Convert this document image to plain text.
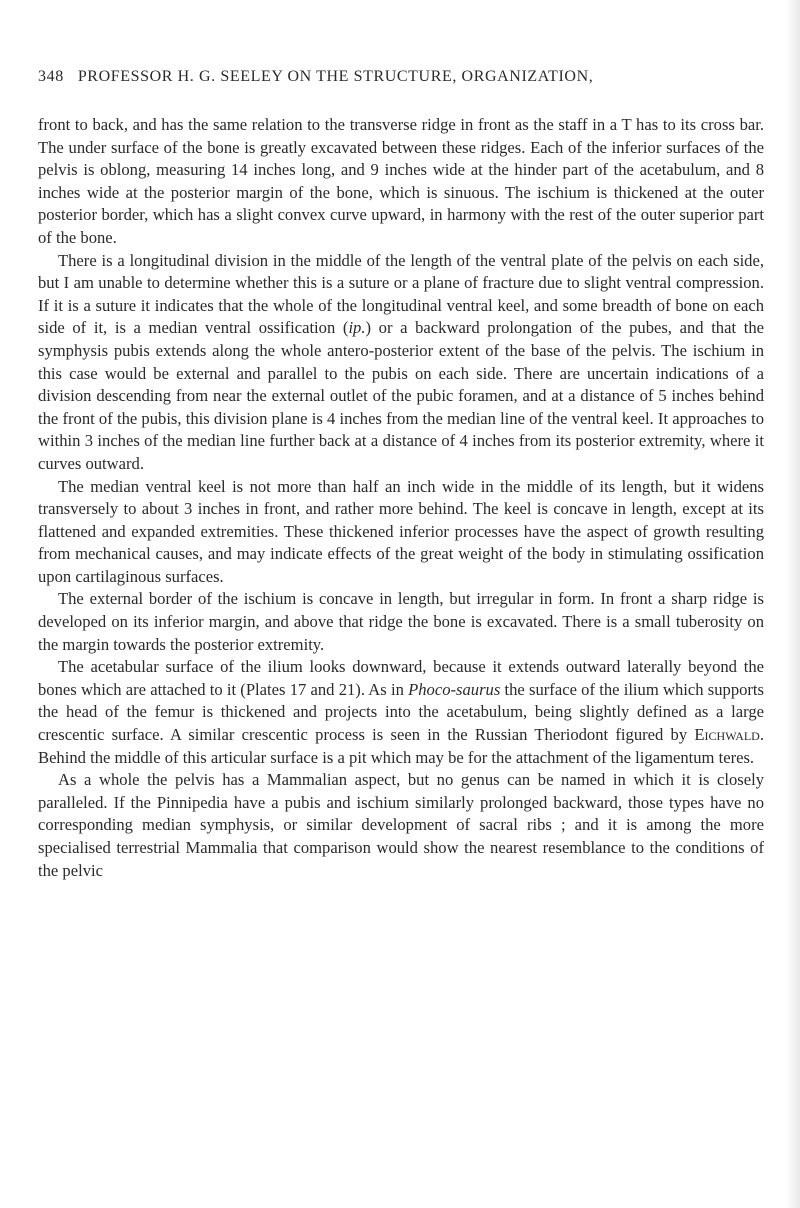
348 PROFESSOR H. G. SEELEY ON THE STRUCTURE, ORGANIZATION,

front to back, and has the same relation to the transverse ridge in front as the staff in a T has to its cross bar. The under surface of the bone is greatly excavated between these ridges. Each of the inferior surfaces of the pelvis is oblong, measuring 14 inches long, and 9 inches wide at the hinder part of the acetabulum, and 8 inches wide at the posterior margin of the bone, which is sinuous. The ischium is thickened at the outer posterior border, which has a slight convex curve upward, in harmony with the rest of the outer superior part of the bone.

There is a longitudinal division in the middle of the length of the ventral plate of the pelvis on each side, but I am unable to determine whether this is a suture or a plane of fracture due to slight ventral compression. If it is a suture it indicates that the whole of the longitudinal ventral keel, and some breadth of bone on each side of it, is a median ventral ossification (ip.) or a backward prolongation of the pubes, and that the symphysis pubis extends along the whole antero-posterior extent of the base of the pelvis. The ischium in this case would be external and parallel to the pubis on each side. There are uncertain indications of a division descending from near the external outlet of the pubic foramen, and at a distance of 5 inches behind the front of the pubis, this division plane is 4 inches from the median line of the ventral keel. It approaches to within 3 inches of the median line further back at a distance of 4 inches from its posterior extremity, where it curves outward.

The median ventral keel is not more than half an inch wide in the middle of its length, but it widens transversely to about 3 inches in front, and rather more behind. The keel is concave in length, except at its flattened and expanded extremities. These thickened inferior processes have the aspect of growth resulting from mechanical causes, and may indicate effects of the great weight of the body in stimulating ossification upon cartilaginous surfaces.

The external border of the ischium is concave in length, but irregular in form. In front a sharp ridge is developed on its inferior margin, and above that ridge the bone is excavated. There is a small tuberosity on the margin towards the posterior extremity.

The acetabular surface of the ilium looks downward, because it extends outward laterally beyond the bones which are attached to it (Plates 17 and 21). As in Phoco-saurus the surface of the ilium which supports the head of the femur is thickened and projects into the acetabulum, being slightly defined as a large crescentic surface. A similar crescentic process is seen in the Russian Theriodont figured by Eichwald. Behind the middle of this articular surface is a pit which may be for the attachment of the ligamentum teres.

As a whole the pelvis has a Mammalian aspect, but no genus can be named in which it is closely paralleled. If the Pinnipedia have a pubis and ischium similarly prolonged backward, those types have no corresponding median symphysis, or similar development of sacral ribs ; and it is among the more specialised terrestrial Mammalia that comparison would show the nearest resemblance to the conditions of the pelvic
